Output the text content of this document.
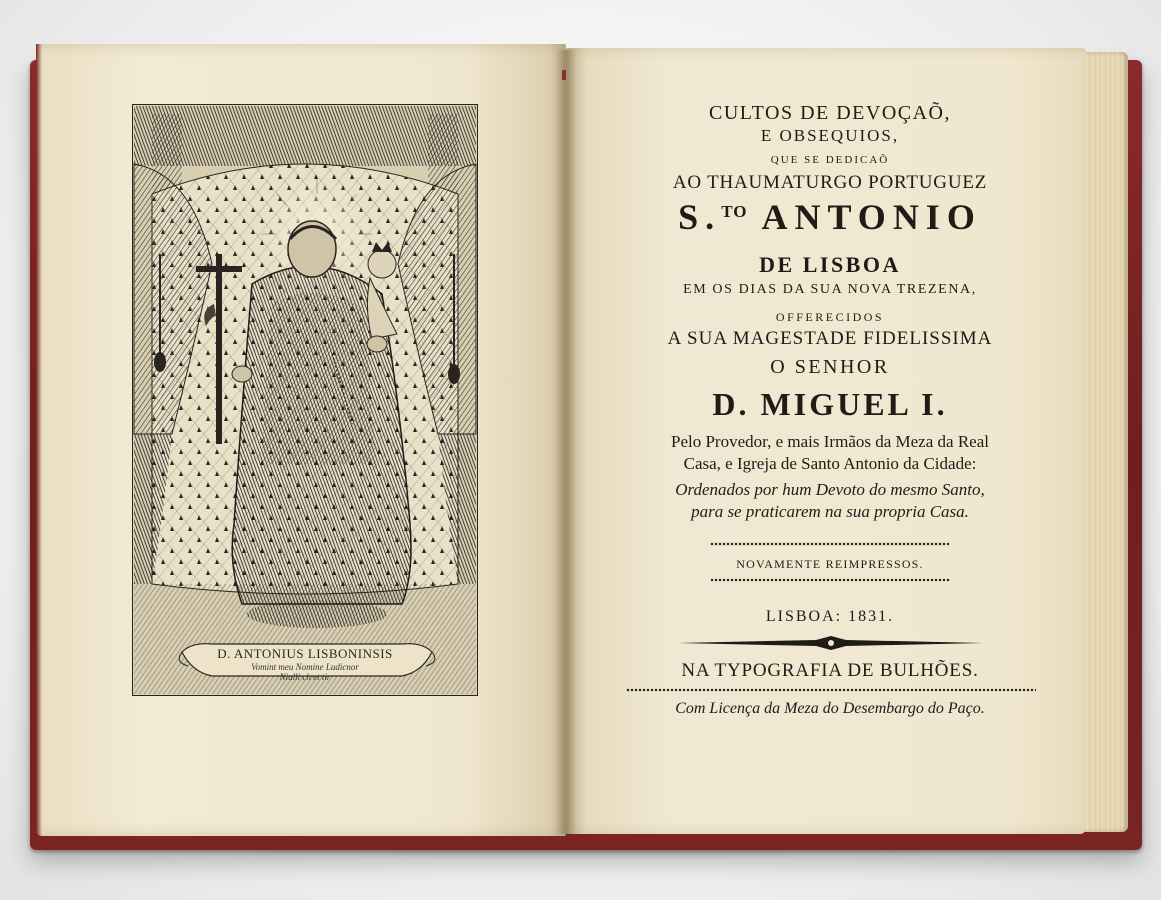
D. ANTONIUS LISBONINSIS
Vomint meu Nomine Ludicnor
Niulli ch et tir
CULTOS DE DEVOÇAÕ,
E OBSEQUIOS,
QUE SE DEDICAÕ
AO THAUMATURGO PORTUGUEZ
S.$^{TO}$ ANTONIO
DE LISBOA
EM OS DIAS DA SUA NOVA TREZENA,
OFFERECIDOS
A SUA MAGESTADE FIDELISSIMA
O SENHOR
D. MIGUEL I.
Pelo Provedor, e mais Irmãos da Meza da Real
Casa, e Igreja de Santo Antonio da Cidade:
Ordenados por hum Devoto do mesmo Santo,
para se praticarem na sua propria Casa.
NOVAMENTE REIMPRESSOS.
LISBOA: 1831.
NA TYPOGRAFIA DE BULHÕES.
Com Licença da Meza do Desembargo do Paço.
